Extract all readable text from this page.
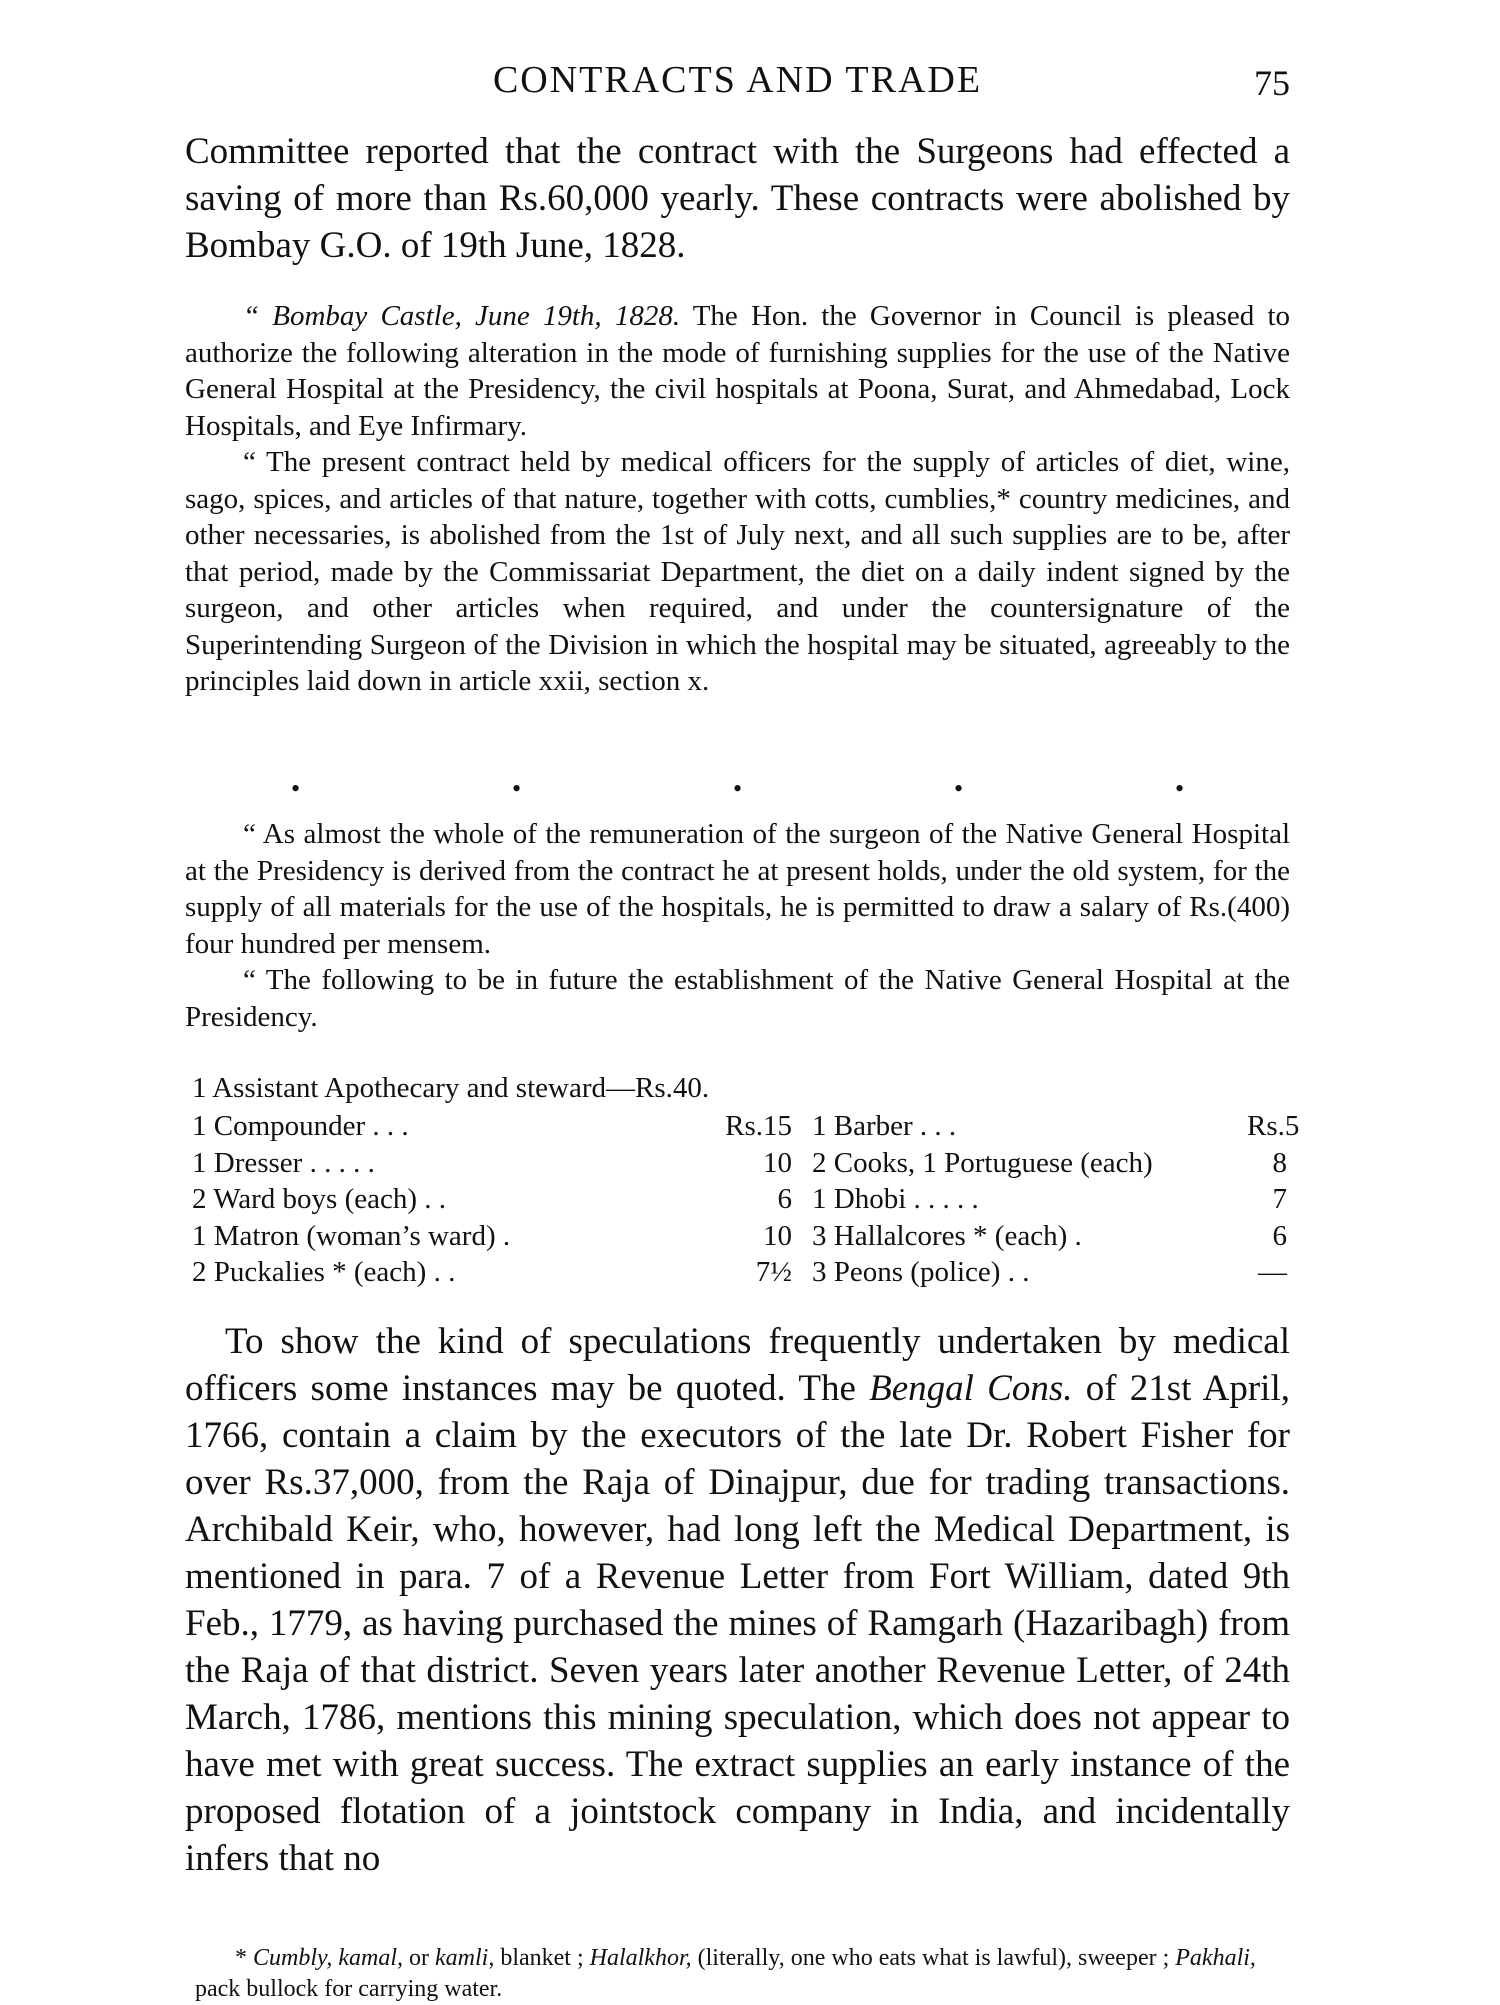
CONTRACTS AND TRADE	75

Committee reported that the contract with the Surgeons had effected a saving of more than Rs.60,000 yearly. These contracts were abolished by Bombay G.O. of 19th June, 1828.

“ Bombay Castle, June 19th, 1828. The Hon. the Governor in Council is pleased to authorize the following alteration in the mode of furnishing supplies for the use of the Native General Hospital at the Presidency, the civil hospitals at Poona, Surat, and Ahmedabad, Lock Hospitals, and Eye Infirmary.

“ The present contract held by medical officers for the supply of articles of diet, wine, sago, spices, and articles of that nature, together with cotts, cumblies,* country medicines, and other necessaries, is abolished from the 1st of July next, and all such supplies are to be, after that period, made by the Commissariat Department, the diet on a daily indent signed by the surgeon, and other articles when required, and under the countersignature of the Superintending Surgeon of the Division in which the hospital may be situated, agreeably to the principles laid down in article xxii, section x.

•	•	•	•	•

“ As almost the whole of the remuneration of the surgeon of the Native General Hospital at the Presidency is derived from the contract he at present holds, under the old system, for the supply of all materials for the use of the hospitals, he is permitted to draw a salary of Rs.(400) four hundred per mensem.

“ The following to be in future the establishment of the Native General Hospital at the Presidency.

1 Assistant Apothecary and steward—Rs.40.
1 Compounder . . .	Rs.15 1 Barber . . .	Rs.5
1 Dresser . . . . .	10 2 Cooks, 1 Portuguese (each)	8
2 Ward boys (each) . .	6 1 Dhobi . . . . .	7
1 Matron (woman’s ward) .	10 3 Hallalcores * (each) .	6
2 Puckalies * (each) . .	7½ 3 Peons (police) . .	—

To show the kind of speculations frequently undertaken by medical officers some instances may be quoted. The Bengal Cons. of 21st April, 1766, contain a claim by the executors of the late Dr. Robert Fisher for over Rs.37,000, from the Raja of Dinajpur, due for trading transactions. Archibald Keir, who, however, had long left the Medical Department, is mentioned in para. 7 of a Revenue Letter from Fort William, dated 9th Feb., 1779, as having purchased the mines of Ramgarh (Hazaribagh) from the Raja of that district. Seven years later another Revenue Letter, of 24th March, 1786, mentions this mining speculation, which does not appear to have met with great success. The extract supplies an early instance of the proposed flotation of a jointstock company in India, and incidentally infers that no

* Cumbly, kamal, or kamli, blanket ; Halalkhor, (literally, one who eats what is lawful), sweeper ; Pakhali, pack bullock for carrying water.
